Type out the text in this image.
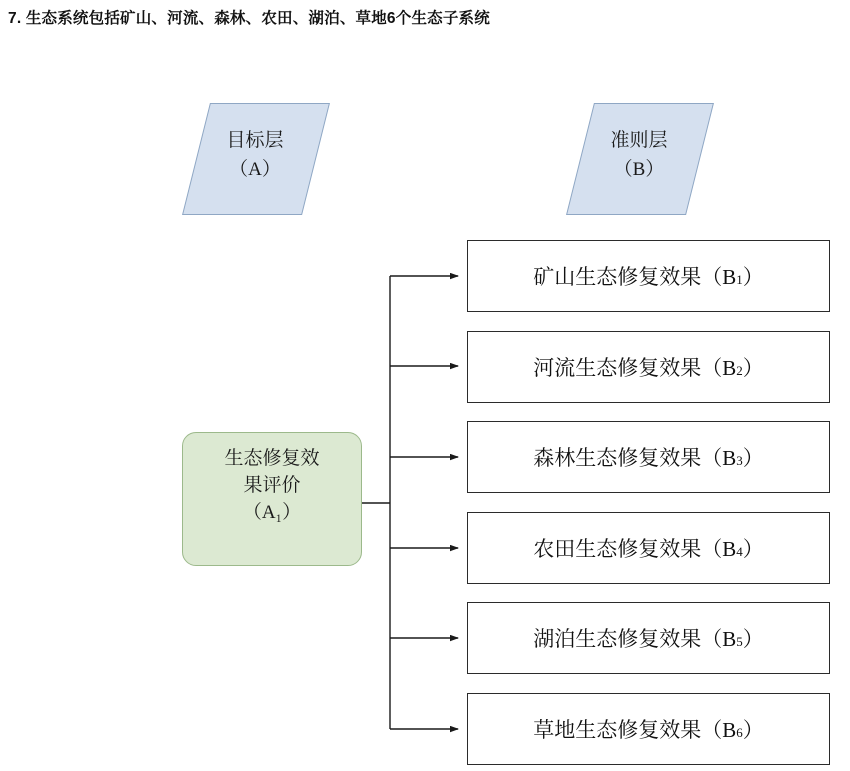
7. 生态系统包括矿山、河流、森林、农田、湖泊、草地6个生态子系统
目标层
（A）
准则层
（B）
生态修复效
果评价
（A₁）
矿山生态修复效果（$B_1$ ）
河流生态修复效果（$B_2$ ）
森林生态修复效果（$B_3$ ）
农田生态修复效果（$B_4$ ）
湖泊生态修复效果（$B_5$ ）
草地生态修复效果（$B_6$ ）
